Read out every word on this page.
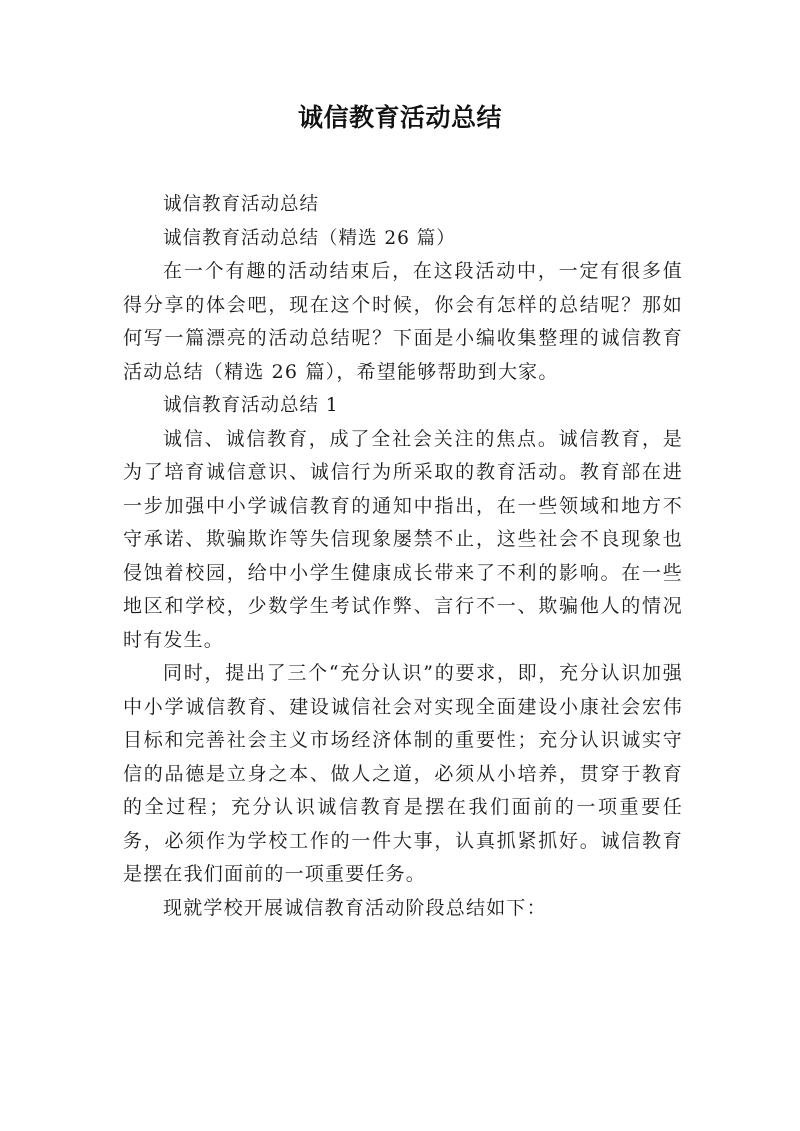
诚信教育活动总结

诚信教育活动总结

诚信教育活动总结（精选 26 篇）

在一个有趣的活动结束后，在这段活动中，一定有很多值得分享的体会吧，现在这个时候，你会有怎样的总结呢？那如何写一篇漂亮的活动总结呢？下面是小编收集整理的诚信教育活动总结（精选 26 篇），希望能够帮助到大家。

诚信教育活动总结 1

诚信、诚信教育，成了全社会关注的焦点。诚信教育，是为了培育诚信意识、诚信行为所采取的教育活动。教育部在进一步加强中小学诚信教育的通知中指出，在一些领域和地方不守承诺、欺骗欺诈等失信现象屡禁不止，这些社会不良现象也侵蚀着校园，给中小学生健康成长带来了不利的影响。在一些地区和学校，少数学生考试作弊、言行不一、欺骗他人的情况时有发生。

同时，提出了三个“充分认识”的要求，即，充分认识加强中小学诚信教育、建设诚信社会对实现全面建设小康社会宏伟目标和完善社会主义市场经济体制的重要性；充分认识诚实守信的品德是立身之本、做人之道，必须从小培养，贯穿于教育的全过程；充分认识诚信教育是摆在我们面前的一项重要任务，必须作为学校工作的一件大事，认真抓紧抓好。诚信教育是摆在我们面前的一项重要任务。

现就学校开展诚信教育活动阶段总结如下：
